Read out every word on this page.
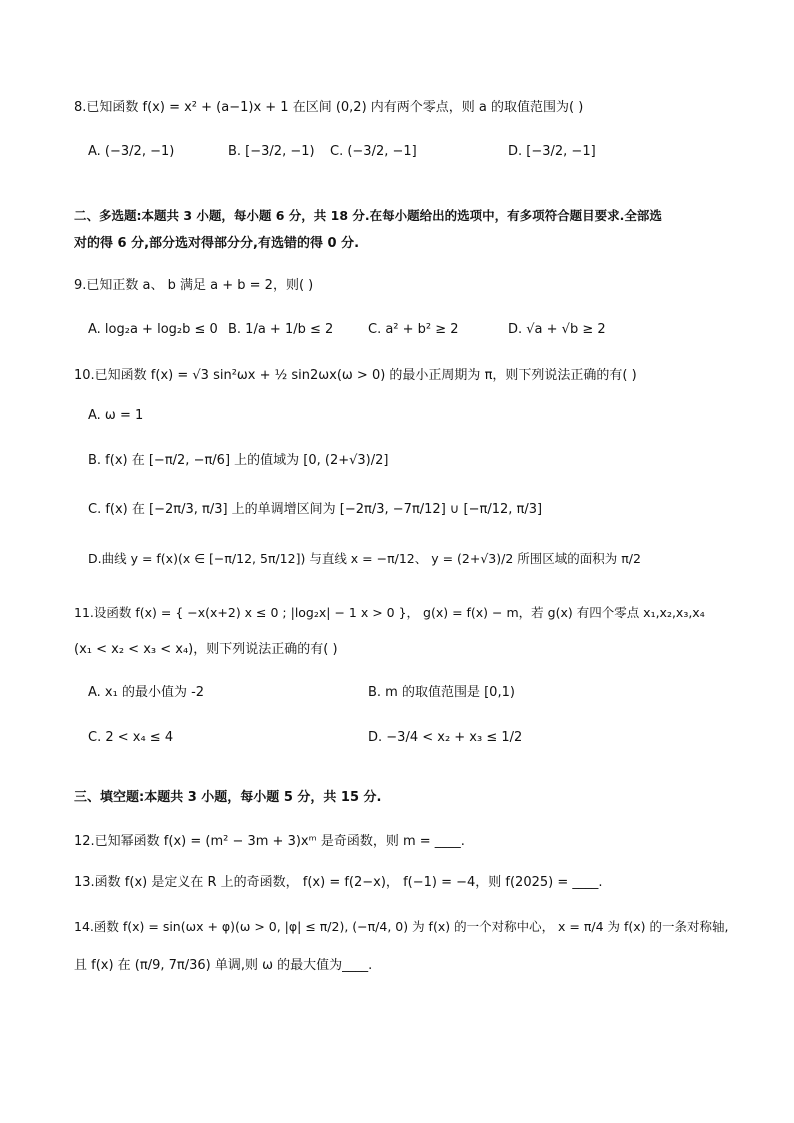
8.已知函数 f(x) = x² + (a−1)x + 1 在区间 (0,2) 内有两个零点，则 a 的取值范围为( )
A. (−3/2, −1)	B. [−3/2, −1) C. (−3/2, −1]	D. [−3/2, −1]
二、多选题:本题共 3 小题，每小题 6 分，共 18 分.在每小题给出的选项中，有多项符合题目要求.全部选
对的得 6 分,部分选对得部分分,有选错的得 0 分.
9.已知正数 a、 b 满足 a + b = 2，则( )
A. log₂a + log₂b ≤ 0 B. 1/a + 1/b ≤ 2	C. a² + b² ≥ 2	D. √a + √b ≥ 2
10.已知函数 f(x) = √3 sin²ωx + ½ sin2ωx(ω > 0) 的最小正周期为 π，则下列说法正确的有( )
A. ω = 1
B. f(x) 在 [−π/2, −π/6] 上的值域为 [0, (2+√3)/2]
C. f(x) 在 [−2π/3, π/3] 上的单调增区间为 [−2π/3, −7π/12] ∪ [−π/12, π/3]
D.曲线 y = f(x)(x ∈ [−π/12, 5π/12]) 与直线 x = −π/12、 y = (2+√3)/2 所围区域的面积为 π/2
11.设函数 f(x) = { −x(x+2) x ≤ 0 ; |log₂x| − 1 x > 0 }， g(x) = f(x) − m，若 g(x) 有四个零点 x₁,x₂,x₃,x₄
(x₁ < x₂ < x₃ < x₄)，则下列说法正确的有( )
A. x₁ 的最小值为 -2	B. m 的取值范围是 [0,1)
C. 2 < x₄ ≤ 4	D. −3/4 < x₂ + x₃ ≤ 1/2
三、填空题:本题共 3 小题，每小题 5 分，共 15 分.
12.已知幂函数 f(x) = (m² − 3m + 3)xᵐ 是奇函数，则 m = ____.
13.函数 f(x) 是定义在 R 上的奇函数， f(x) = f(2−x)， f(−1) = −4，则 f(2025) = ____.
14.函数 f(x) = sin(ωx + φ)(ω > 0, |φ| ≤ π/2), (−π/4, 0) 为 f(x) 的一个对称中心， x = π/4 为 f(x) 的一条对称轴,
且 f(x) 在 (π/9, 7π/36) 单调,则 ω 的最大值为____.
